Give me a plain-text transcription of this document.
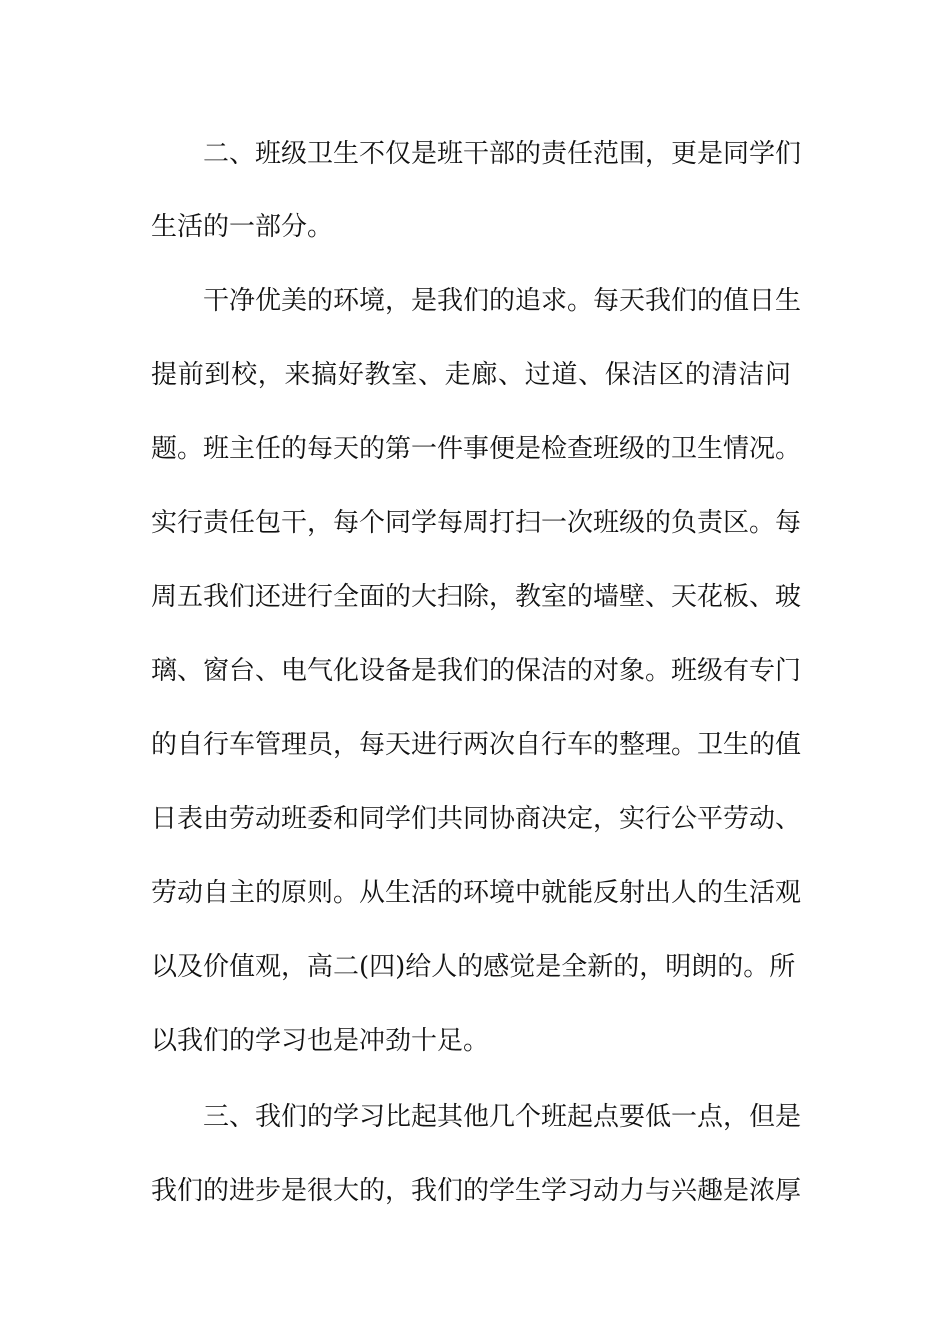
二、班级卫生不仅是班干部的责任范围，更是同学们
生活的一部分。
干净优美的环境，是我们的追求。每天我们的值日生
提前到校，来搞好教室、走廊、过道、保洁区的清洁问
题。班主任的每天的第一件事便是检查班级的卫生情况。
实行责任包干，每个同学每周打扫一次班级的负责区。每
周五我们还进行全面的大扫除，教室的墙壁、天花板、玻
璃、窗台、电气化设备是我们的保洁的对象。班级有专门
的自行车管理员，每天进行两次自行车的整理。卫生的值
日表由劳动班委和同学们共同协商决定，实行公平劳动、
劳动自主的原则。从生活的环境中就能反射出人的生活观
以及价值观，高二(四)给人的感觉是全新的，明朗的。所
以我们的学习也是冲劲十足。
三、我们的学习比起其他几个班起点要低一点，但是
我们的进步是很大的，我们的学生学习动力与兴趣是浓厚
